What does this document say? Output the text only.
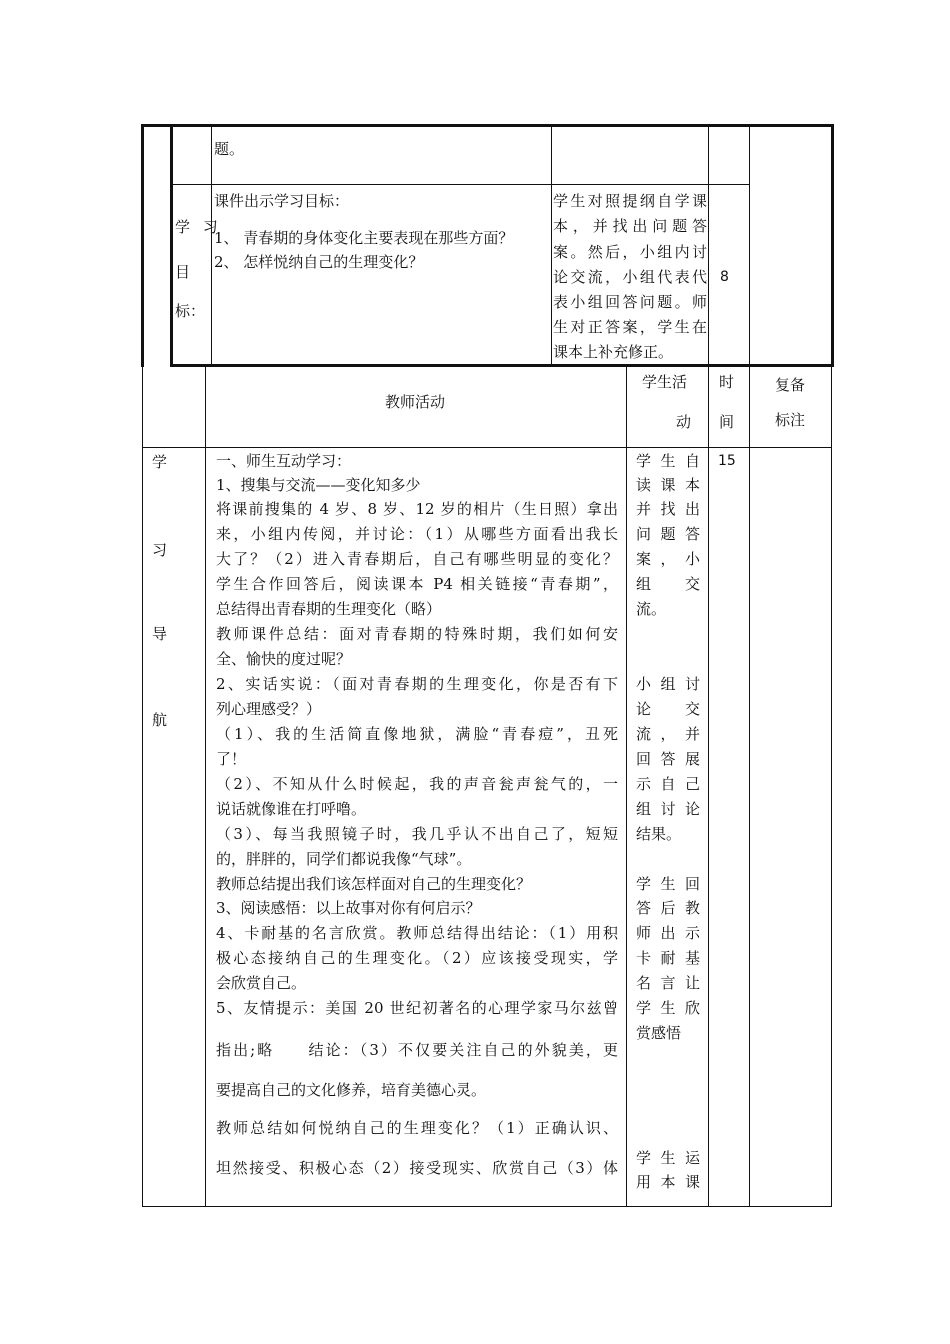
题。
学 习
目
标：
课件出示学习目标：
1、 青春期的身体变化主要表现在那些方面？
2、 怎样悦纳自己的生理变化？
学生对照提纲自学课
本，并找出问题答
案。然后，小组内讨
论交流，小组代表代
表小组回答问题。师
生对正答案，学生在
课本上补充修正。
8
教师活动
学生活
动
时
间
复备
标注
学
习
导
航
15
一、师生互动学习：
1、搜集与交流——变化知多少
将课前搜集的 4 岁、8 岁、12 岁的相片（生日照）拿出
来，小组内传阅，并讨论：（1）从哪些方面看出我长
大了？（2）进入青春期后，自己有哪些明显的变化？
学生合作回答后，阅读课本 P4 相关链接“青春期”，
总结得出青春期的生理变化（略）
教师课件总结：面对青春期的特殊时期，我们如何安
全、愉快的度过呢？
2、实话实说：（面对青春期的生理变化，你是否有下
列心理感受？）
（1）、我的生活简直像地狱，满脸“青春痘”，丑死
了！
（2）、不知从什么时候起，我的声音瓮声瓮气的，一
说话就像谁在打呼噜。
（3）、每当我照镜子时，我几乎认不出自己了，短短
的，胖胖的，同学们都说我像“气球”。
教师总结提出我们该怎样面对自己的生理变化？
3、阅读感悟：以上故事对你有何启示？
4、卡耐基的名言欣赏。教师总结得出结论：（1）用积
极心态接纳自己的生理变化。（2）应该接受现实，学
会欣赏自己。
5、友情提示：美国 20 世纪初著名的心理学家马尔兹曾
指出;略　　结论：（3）不仅要关注自己的外貌美，更
要提高自己的文化修养，培育美德心灵。
教师总结如何悦纳自己的生理变化？（1）正确认识、
坦然接受、积极心态（2）接受现实、欣赏自己（3）体
学生自
读课本
并找出
问题答
案，小
组　交
流。
小组讨
论　交
流，并
回答展
示自己
组讨论
结果。
学生回
答后教
师出示
卡耐基
名言让
学生欣
赏感悟
学生运
用本课
